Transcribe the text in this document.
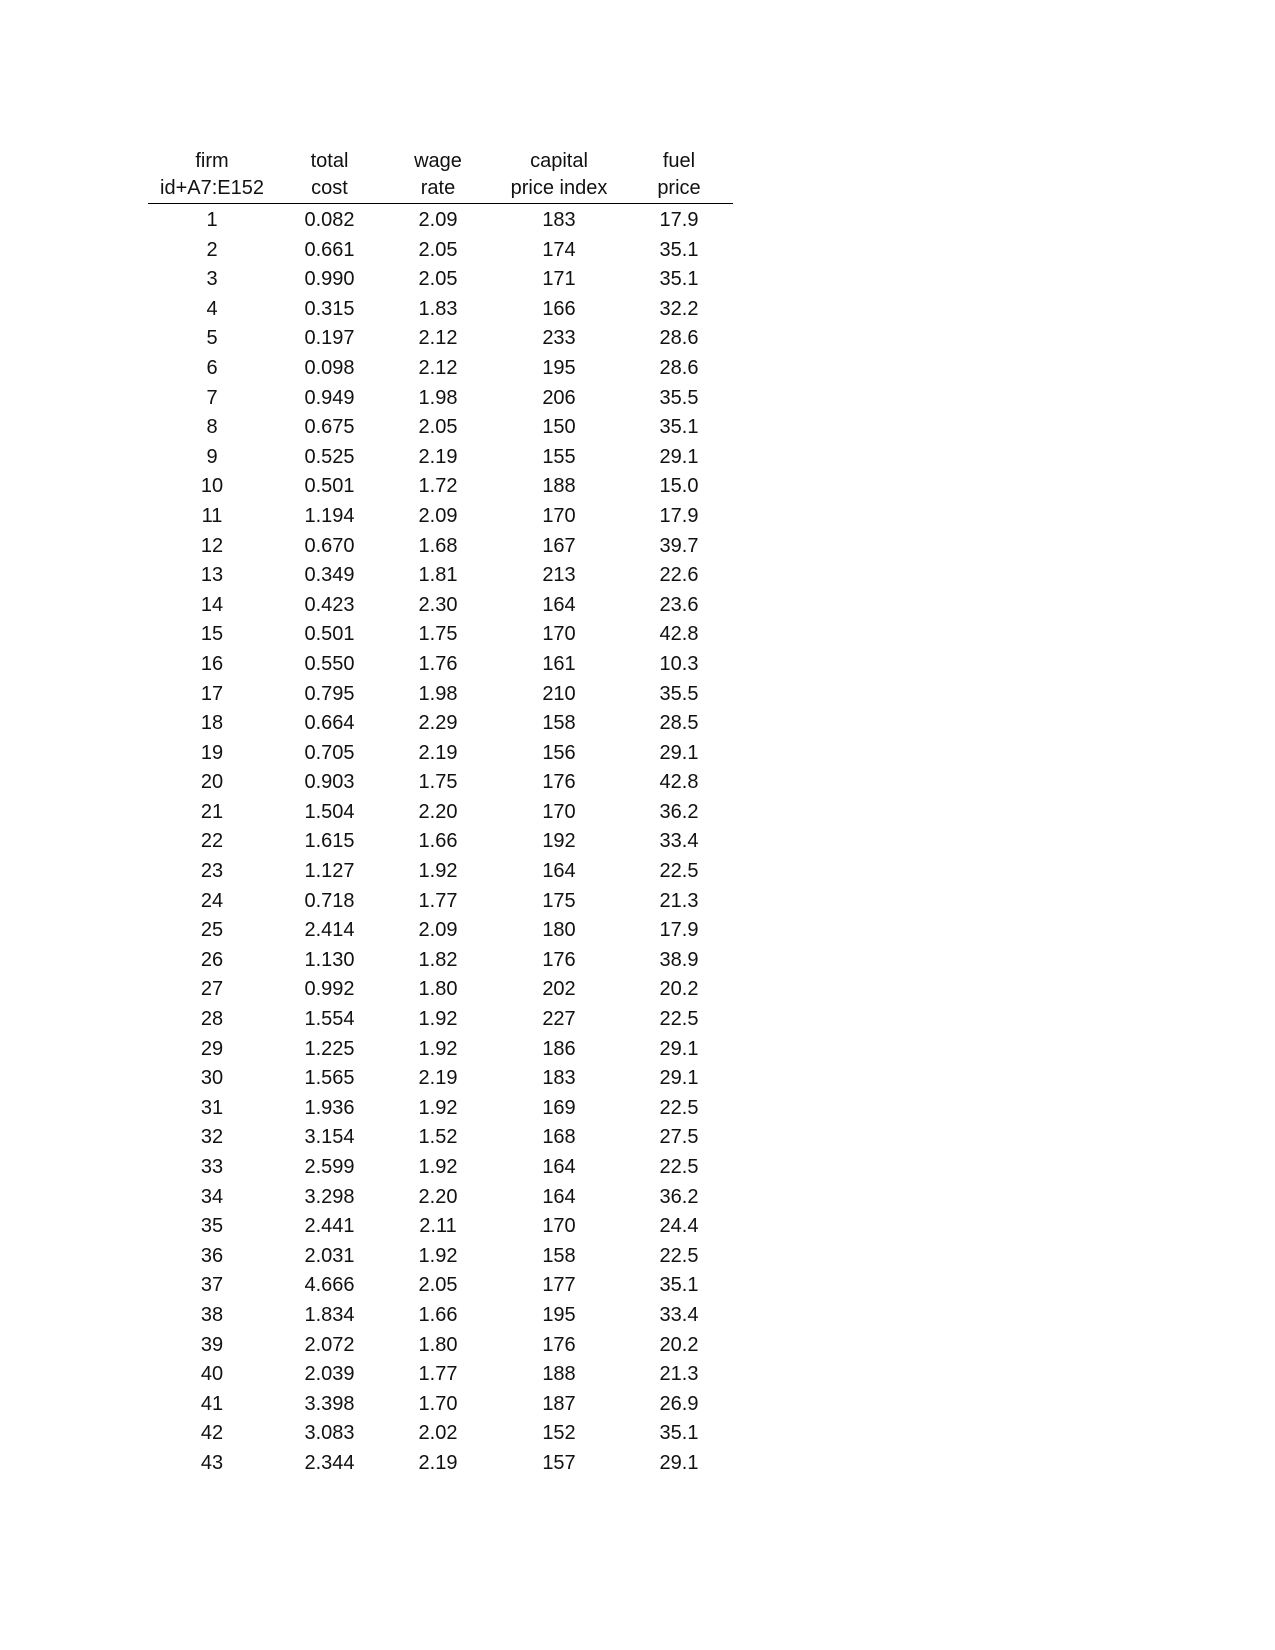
firm	total	wage	capital	fuel
id+A7:E152	cost	rate	price index	price
1	0.082	2.09	183	17.9
2	0.661	2.05	174	35.1
3	0.990	2.05	171	35.1
4	0.315	1.83	166	32.2
5	0.197	2.12	233	28.6
6	0.098	2.12	195	28.6
7	0.949	1.98	206	35.5
8	0.675	2.05	150	35.1
9	0.525	2.19	155	29.1
10	0.501	1.72	188	15.0
11	1.194	2.09	170	17.9
12	0.670	1.68	167	39.7
13	0.349	1.81	213	22.6
14	0.423	2.30	164	23.6
15	0.501	1.75	170	42.8
16	0.550	1.76	161	10.3
17	0.795	1.98	210	35.5
18	0.664	2.29	158	28.5
19	0.705	2.19	156	29.1
20	0.903	1.75	176	42.8
21	1.504	2.20	170	36.2
22	1.615	1.66	192	33.4
23	1.127	1.92	164	22.5
24	0.718	1.77	175	21.3
25	2.414	2.09	180	17.9
26	1.130	1.82	176	38.9
27	0.992	1.80	202	20.2
28	1.554	1.92	227	22.5
29	1.225	1.92	186	29.1
30	1.565	2.19	183	29.1
31	1.936	1.92	169	22.5
32	3.154	1.52	168	27.5
33	2.599	1.92	164	22.5
34	3.298	2.20	164	36.2
35	2.441	2.11	170	24.4
36	2.031	1.92	158	22.5
37	4.666	2.05	177	35.1
38	1.834	1.66	195	33.4
39	2.072	1.80	176	20.2
40	2.039	1.77	188	21.3
41	3.398	1.70	187	26.9
42	3.083	2.02	152	35.1
43	2.344	2.19	157	29.1
